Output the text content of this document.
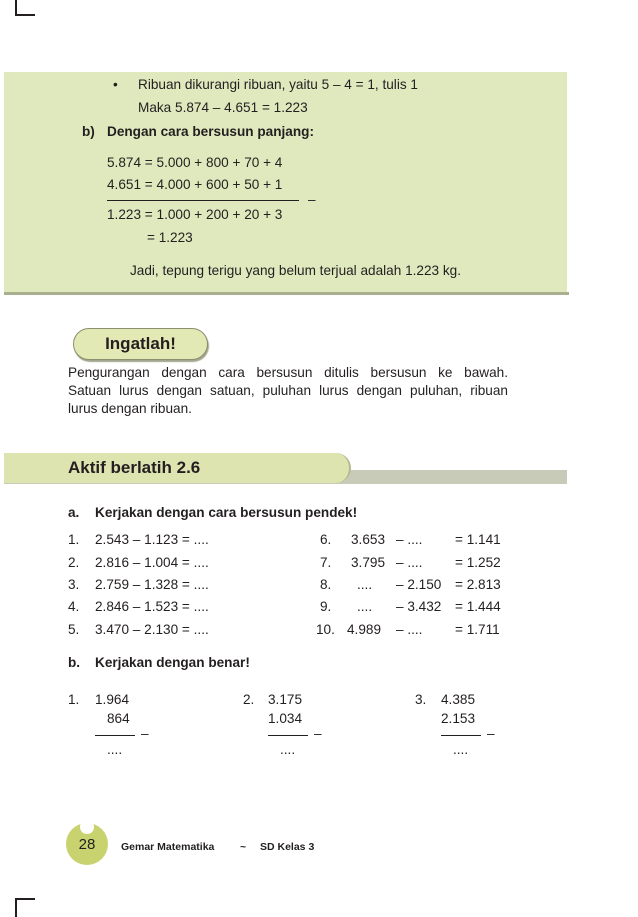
• Ribuan dikurangi ribuan, yaitu 5 – 4 = 1, tulis 1
Maka 5.874 – 4.651 = 1.223
b) Dengan cara bersusun panjang:
5.874 = 5.000 + 800 + 70 + 4
4.651 = 4.000 + 600 + 50 + 1
–
1.223 = 1.000 + 200 + 20 + 3
= 1.223
Jadi, tepung terigu yang belum terjual adalah 1.223 kg.
Ingatlah!
Pengurangan dengan cara bersusun ditulis bersusun ke bawah.
Satuan lurus dengan satuan, puluhan lurus dengan puluhan, ribuan
lurus dengan ribuan.
Aktif berlatih 2.6
a. Kerjakan dengan cara bersusun pendek!
1. 2.543 – 1.123 = ....
2. 2.816 – 1.004 = ....
3. 2.759 – 1.328 = ....
4. 2.846 – 1.523 = ....
5. 3.470 – 2.130 = ....
6. 3.653 – .... = 1.141
7. 3.795 – .... = 1.252
8. .... – 2.150 = 2.813
9. .... – 3.432 = 1.444
10. 4.989 – .... = 1.711
b. Kerjakan dengan benar!
1. 1.964
864
–
....
2. 3.175
1.034
–
....
3. 4.385
2.153
–
....
28	Gemar Matematika ~ SD Kelas 3
